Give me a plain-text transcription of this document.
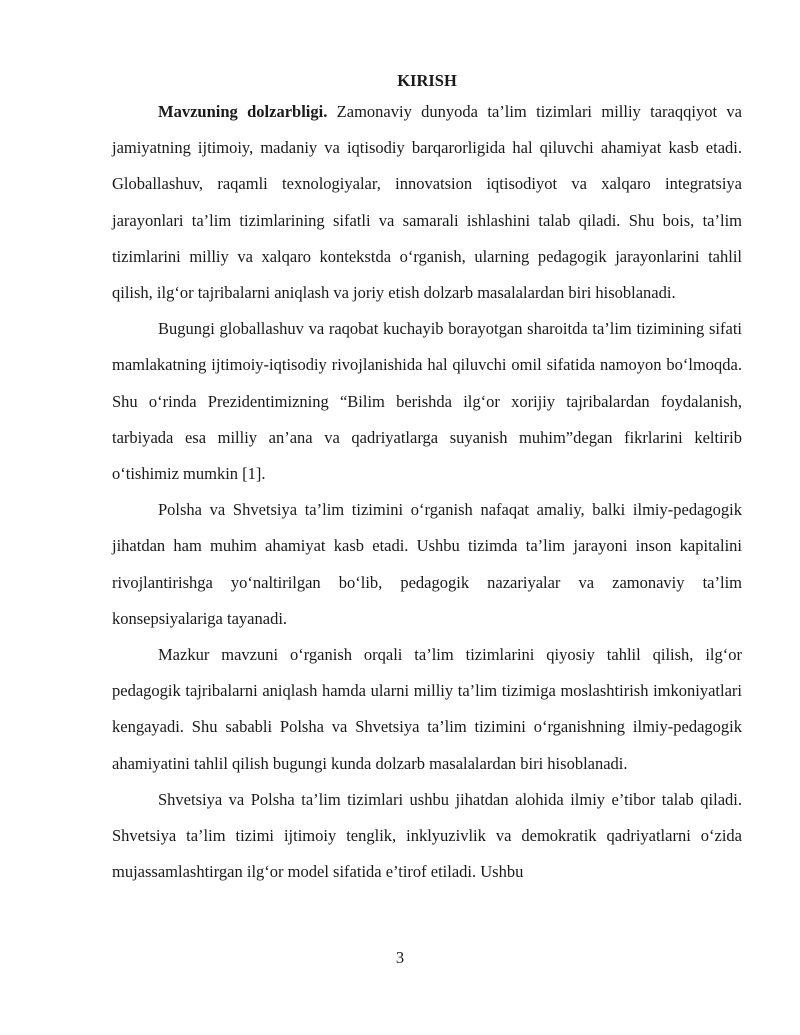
KIRISH

Mavzuning dolzarbligi. Zamonaviy dunyoda ta’lim tizimlari milliy taraqqiyot va jamiyatning ijtimoiy, madaniy va iqtisodiy barqarorligida hal qiluvchi ahamiyat kasb etadi. Globallashuv, raqamli texnologiyalar, innovatsion iqtisodiyot va xalqaro integratsiya jarayonlari ta’lim tizimlarining sifatli va samarali ishlashini talab qiladi. Shu bois, ta’lim tizimlarini milliy va xalqaro kontekstda o‘rganish, ularning pedagogik jarayonlarini tahlil qilish, ilg‘or tajribalarni aniqlash va joriy etish dolzarb masalalardan biri hisoblanadi.

Bugungi globallashuv va raqobat kuchayib borayotgan sharoitda ta’lim tizimining sifati mamlakatning ijtimoiy-iqtisodiy rivojlanishida hal qiluvchi omil sifatida namoyon bo‘lmoqda. Shu o‘rinda Prezidentimizning “Bilim berishda ilg‘or xorijiy tajribalardan foydalanish, tarbiyada esa milliy an’ana va qadriyatlarga suyanish muhim”degan fikrlarini keltirib o‘tishimiz mumkin [1].

Polsha va Shvetsiya ta’lim tizimini o‘rganish nafaqat amaliy, balki ilmiy-pedagogik jihatdan ham muhim ahamiyat kasb etadi. Ushbu tizimda ta’lim jarayoni inson kapitalini rivojlantirishga yo‘naltirilgan bo‘lib, pedagogik nazariyalar va zamonaviy ta’lim konsepsiyalariga tayanadi.

Mazkur mavzuni o‘rganish orqali ta’lim tizimlarini qiyosiy tahlil qilish, ilg‘or pedagogik tajribalarni aniqlash hamda ularni milliy ta’lim tizimiga moslashtirish imkoniyatlari kengayadi. Shu sababli Polsha va Shvetsiya ta’lim tizimini o‘rganishning ilmiy-pedagogik ahamiyatini tahlil qilish bugungi kunda dolzarb masalalardan biri hisoblanadi.

Shvetsiya va Polsha ta’lim tizimlari ushbu jihatdan alohida ilmiy e’tibor talab qiladi. Shvetsiya ta’lim tizimi ijtimoiy tenglik, inklyuzivlik va demokratik qadriyatlarni o‘zida mujassamlashtirgan ilg‘or model sifatida e’tirof etiladi. Ushbu

3
